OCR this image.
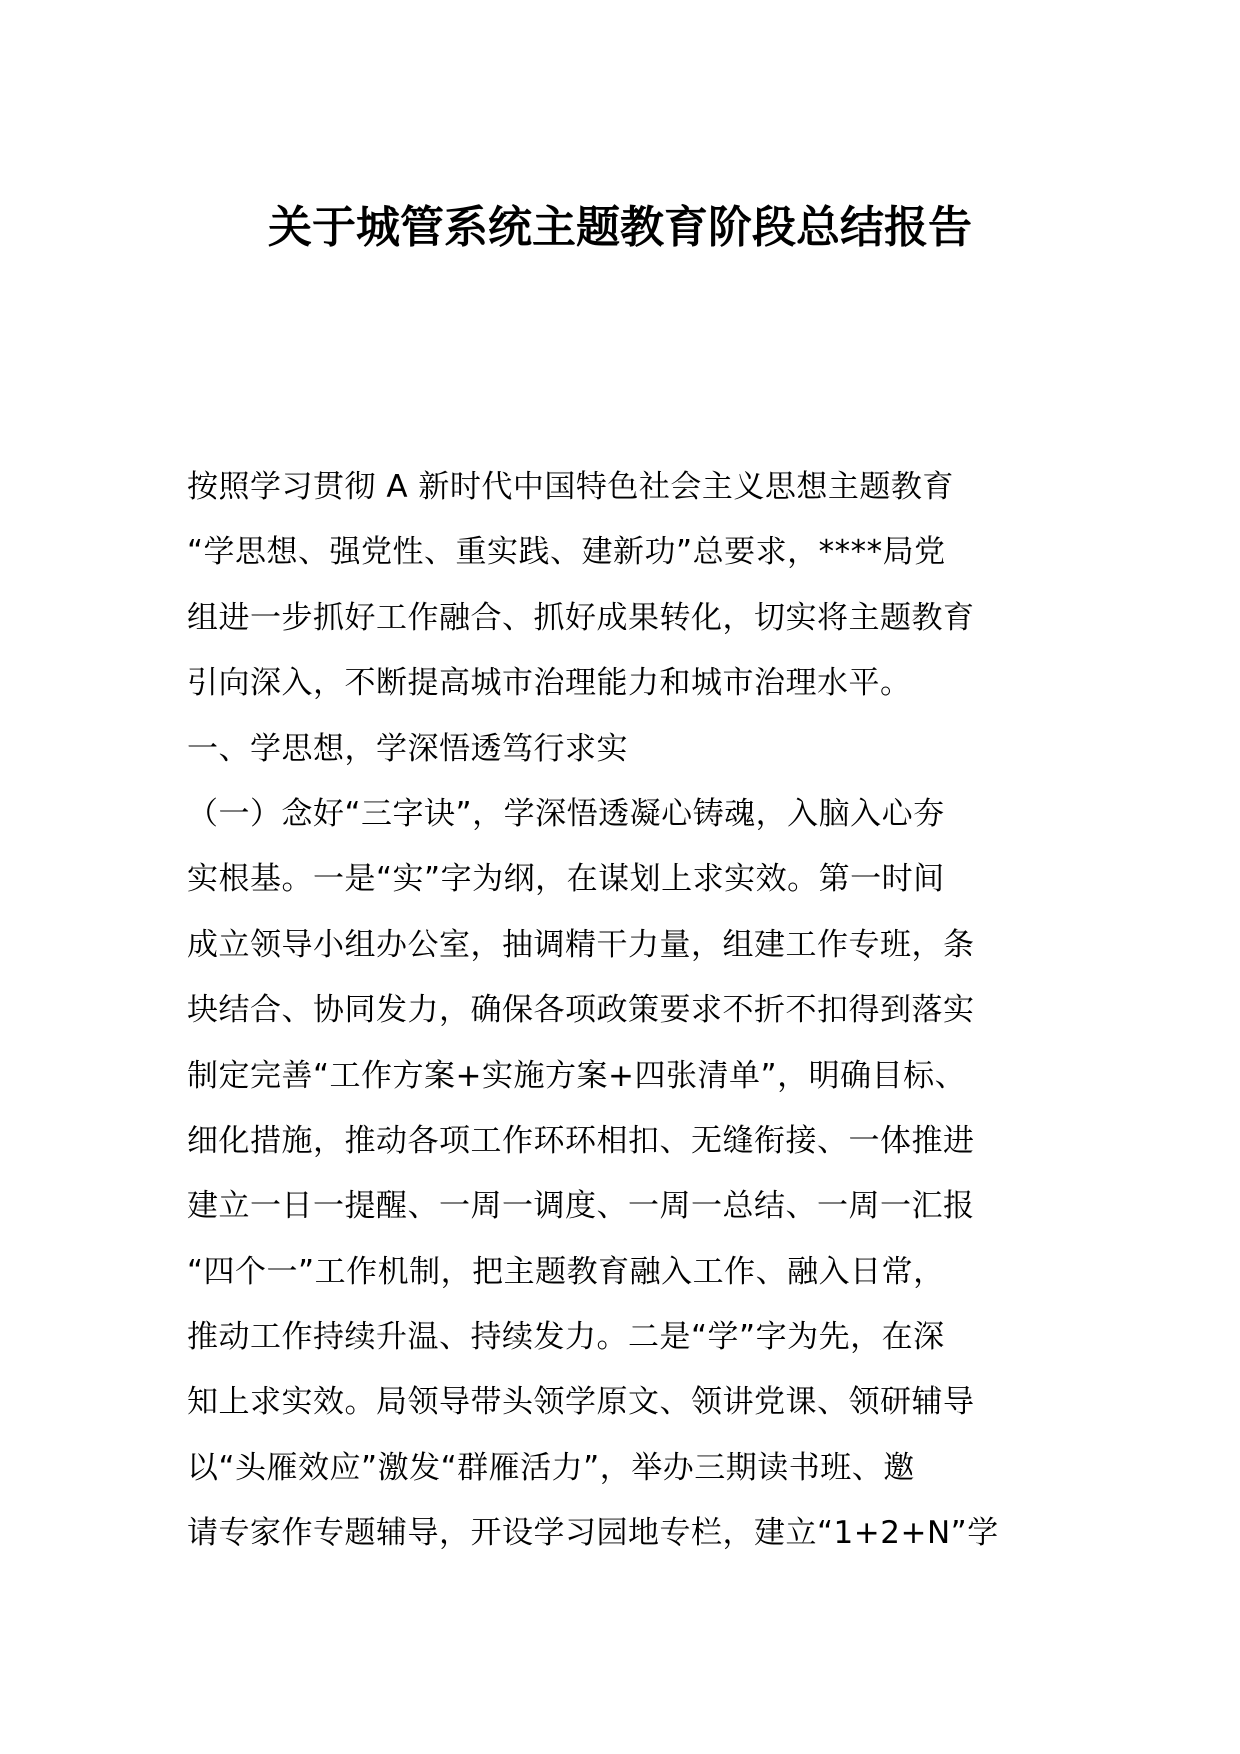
关于城管系统主题教育阶段总结报告
按照学习贯彻 A 新时代中国特色社会主义思想主题教育
“学思想、强党性、重实践、建新功”总要求，****局党
组进一步抓好工作融合、抓好成果转化，切实将主题教育
引向深入，不断提高城市治理能力和城市治理水平。
一、学思想，学深悟透笃行求实
（一）念好“三字诀”，学深悟透凝心铸魂，入脑入心夯
实根基。一是“实”字为纲，在谋划上求实效。第一时间
成立领导小组办公室，抽调精干力量，组建工作专班，条
块结合、协同发力，确保各项政策要求不折不扣得到落实
制定完善“工作方案+实施方案+四张清单”，明确目标、
细化措施，推动各项工作环环相扣、无缝衔接、一体推进
建立一日一提醒、一周一调度、一周一总结、一周一汇报
“四个一”工作机制，把主题教育融入工作、融入日常，
推动工作持续升温、持续发力。二是“学”字为先，在深
知上求实效。局领导带头领学原文、领讲党课、领研辅导
以“头雁效应”激发“群雁活力”，举办三期读书班、邀
请专家作专题辅导，开设学习园地专栏，建立“1+2+N”学
